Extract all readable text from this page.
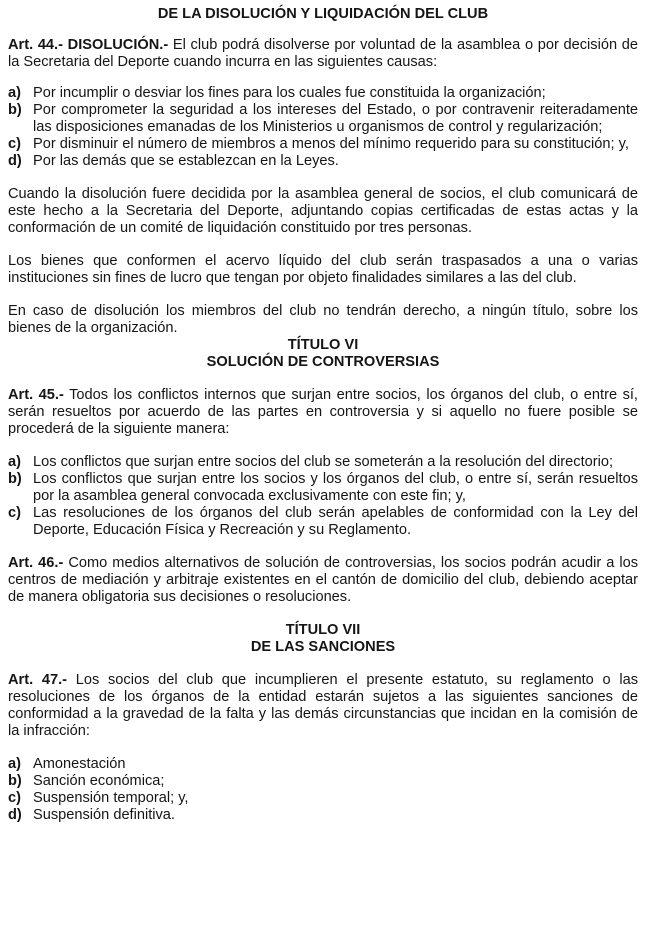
DE LA DISOLUCIÓN Y LIQUIDACIÓN DEL CLUB

Art. 44.- DISOLUCIÓN.- El club podrá disolverse por voluntad de la asamblea o por decisión de la Secretaria del Deporte cuando incurra en las siguientes causas:

a) Por incumplir o desviar los fines para los cuales fue constituida la organización;
b) Por comprometer la seguridad a los intereses del Estado, o por contravenir reiteradamente las disposiciones emanadas de los Ministerios u organismos de control y regularización;
c) Por disminuir el número de miembros a menos del mínimo requerido para su constitución; y,
d) Por las demás que se establezcan en la Leyes.

Cuando la disolución fuere decidida por la asamblea general de socios, el club comunicará de este hecho a la Secretaria del Deporte, adjuntando copias certificadas de estas actas y la conformación de un comité de liquidación constituido por tres personas.

Los bienes que conformen el acervo líquido del club serán traspasados a una o varias instituciones sin fines de lucro que tengan por objeto finalidades similares a las del club.

En caso de disolución los miembros del club no tendrán derecho, a ningún título, sobre los bienes de la organización.

TÍTULO VI
SOLUCIÓN DE CONTROVERSIAS

Art. 45.- Todos los conflictos internos que surjan entre socios, los órganos del club, o entre sí, serán resueltos por acuerdo de las partes en controversia y si aquello no fuere posible se procederá de la siguiente manera:

a) Los conflictos que surjan entre socios del club se someterán a la resolución del directorio;
b) Los conflictos que surjan entre los socios y los órganos del club, o entre sí, serán resueltos por la asamblea general convocada exclusivamente con este fin; y,
c) Las resoluciones de los órganos del club serán apelables de conformidad con la Ley del Deporte, Educación Física y Recreación y su Reglamento.

Art. 46.- Como medios alternativos de solución de controversias, los socios podrán acudir a los centros de mediación y arbitraje existentes en el cantón de domicilio del club, debiendo aceptar de manera obligatoria sus decisiones o resoluciones.

TÍTULO VII
DE LAS SANCIONES

Art. 47.- Los socios del club que incumplieren el presente estatuto, su reglamento o las resoluciones de los órganos de la entidad estarán sujetos a las siguientes sanciones de conformidad a la gravedad de la falta y las demás circunstancias que incidan en la comisión de la infracción:

a) Amonestación
b) Sanción económica;
c) Suspensión temporal; y,
d) Suspensión definitiva.
